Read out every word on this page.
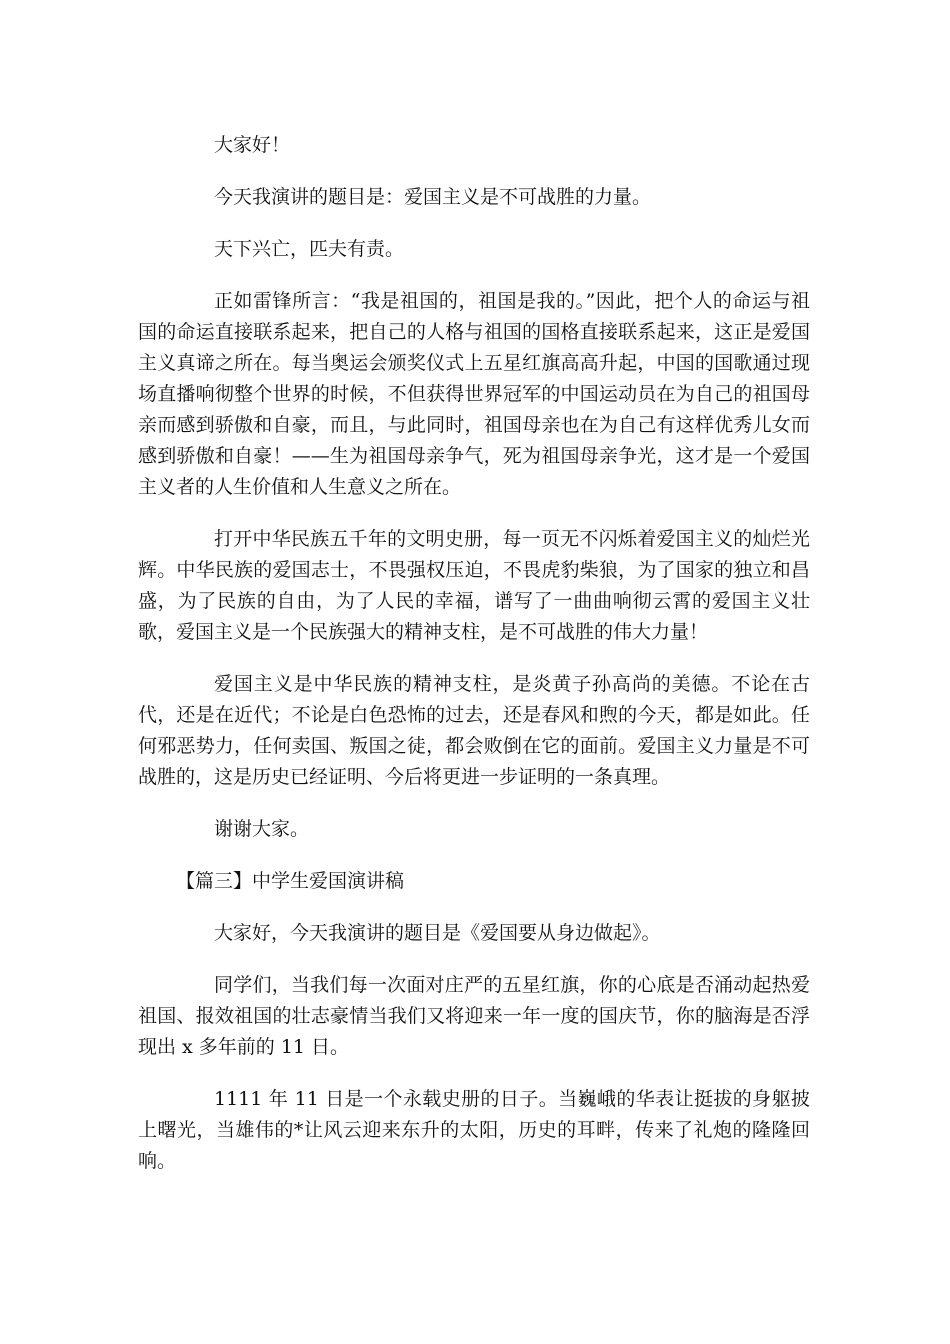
大家好！

今天我演讲的题目是：爱国主义是不可战胜的力量。

天下兴亡，匹夫有责。

正如雷锋所言：“我是祖国的，祖国是我的。”因此，把个人的命运与祖国的命运直接联系起来，把自己的人格与祖国的国格直接联系起来，这正是爱国主义真谛之所在。每当奥运会颁奖仪式上五星红旗高高升起，中国的国歌通过现场直播响彻整个世界的时候，不但获得世界冠军的中国运动员在为自己的祖国母亲而感到骄傲和自豪，而且，与此同时，祖国母亲也在为自己有这样优秀儿女而感到骄傲和自豪！——生为祖国母亲争气，死为祖国母亲争光，这才是一个爱国主义者的人生价值和人生意义之所在。

打开中华民族五千年的文明史册，每一页无不闪烁着爱国主义的灿烂光辉。中华民族的爱国志士，不畏强权压迫，不畏虎豹柴狼，为了国家的独立和昌盛，为了民族的自由，为了人民的幸福，谱写了一曲曲响彻云霄的爱国主义壮歌，爱国主义是一个民族强大的精神支柱，是不可战胜的伟大力量！

爱国主义是中华民族的精神支柱，是炎黄子孙高尚的美德。不论在古代，还是在近代；不论是白色恐怖的过去，还是春风和煦的今天，都是如此。任何邪恶势力，任何卖国、叛国之徒，都会败倒在它的面前。爱国主义力量是不可战胜的，这是历史已经证明、今后将更进一步证明的一条真理。

谢谢大家。

【篇三】中学生爱国演讲稿

大家好，今天我演讲的题目是《爱国要从身边做起》。

同学们，当我们每一次面对庄严的五星红旗，你的心底是否涌动起热爱祖国、报效祖国的壮志豪情当我们又将迎来一年一度的国庆节，你的脑海是否浮现出 x 多年前的 11 日。

1111 年 11 日是一个永载史册的日子。当巍峨的华表让挺拔的身躯披上曙光，当雄伟的*让风云迎来东升的太阳，历史的耳畔，传来了礼炮的隆隆回响。
